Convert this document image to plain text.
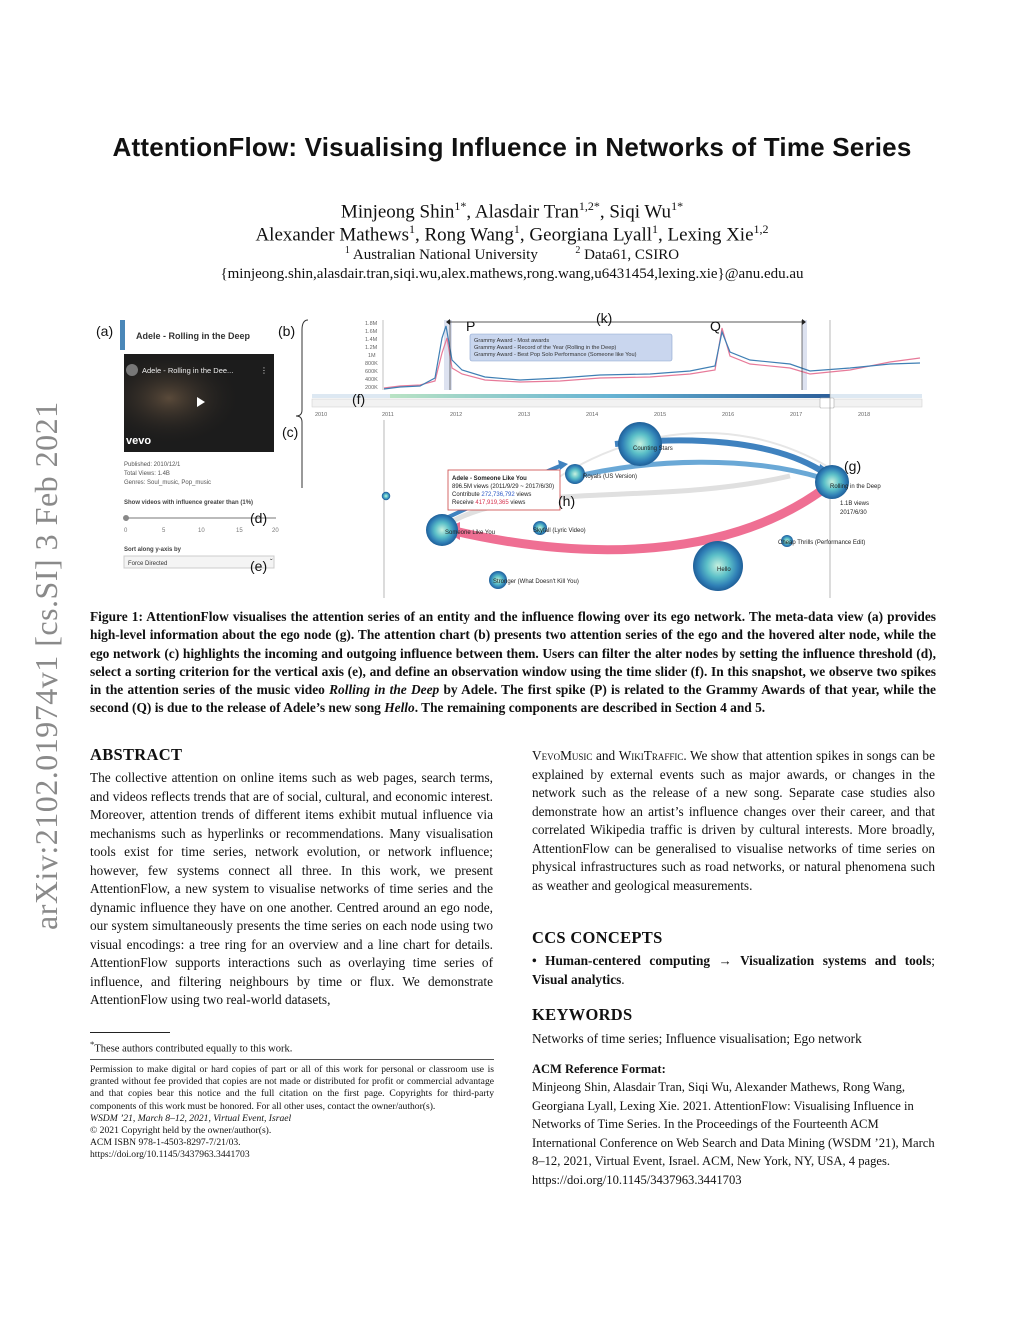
arXiv:2102.01974v1 [cs.SI] 3 Feb 2021
AttentionFlow: Visualising Influence in Networks of Time Series
Minjeong Shin$^{1*}$, Alasdair Tran$^{1,2*}$, Siqi $Wu^{1*}$
Alexander Mathews$^1$, Rong Wang$^1$, Georgiana Lyall$^1$, Lexing Xie$^{1,2}$
$^1$ Australian National University	$^2$ Data61, CSIRO
{minjeong.shin,alasdair.tran,siqi.wu,alex.mathews,rong.wang,u6431454,lexing.xie}@anu.edu.au
Adele - Rolling in the Deep
Adele - Rolling in the Dee...	⋮
vevo
Published: 2010/12/1
Total Views: 1.4B
Genres: Soul_music, Pop_music
Show videos with influence greater than (1%)
0	5	10	15	20
Sort along y-axis by
Force Directed	ˇ
1.8M
1.6M
1.4M
1.2M
1M
800K
600K
400K
200K
Grammy Award - Most awards
Grammy Award - Record of the Year (Rolling in the Deep)
Grammy Award - Best Pop Solo Performance (Someone like You)
2010	2011	2012	2013	2014	2015	2016	2017	2018
Counting Stars
Royals (US Version)
Rolling in the Deep
1.1B views
2017/6/30
Someone Like You	Skyfall (Lyric Video)
Cheap Thrills (Performance Edit)
Hello
Stronger (What Doesn't Kill You)
Adele - Someone Like You
896.5M views (2011/9/29 ~ 2017/6/30)
Contribute 272,736,792 views
Receive 417,919,365 views
(a)	(b)
(c)
(d)
(e)
(f)
(g)
(h)
(k)
P	Q
Figure 1: AttentionFlow visualises the attention series of an entity and the influence flowing over its ego network. The meta-data view (a) provides high-level information about the ego node (g). The attention chart (b) presents two attention series of the ego and the hovered alter node, while the ego network (c) highlights the incoming and outgoing influence between them. Users can filter the alter nodes by setting the influence threshold (d), select a sorting criterion for the vertical axis (e), and define an observation window using the time slider (f). In this snapshot, we observe two spikes in the attention series of the music video Rolling in the Deep by Adele. The first spike (P) is related to the Grammy Awards of that year, while the second (Q) is due to the release of Adele’s new song Hello. The remaining components are described in Section 4 and 5.
ABSTRACT
The collective attention on online items such as web pages, search terms, and videos reflects trends that are of social, cultural, and economic interest. Moreover, attention trends of different items exhibit mutual influence via mechanisms such as hyperlinks or recommendations. Many visualisation tools exist for time series, network evolution, or network influence; however, few systems connect all three. In this work, we present AttentionFlow, a new system to visualise networks of time series and the dynamic influence they have on one another. Centred around an ego node, our system simultaneously presents the time series on each node using two visual encodings: a tree ring for an overview and a line chart for details. AttentionFlow supports interactions such as overlaying time series of influence, and filtering neighbours by time or flux. We demonstrate AttentionFlow using two real-world datasets,
*These authors contributed equally to this work.
Permission to make digital or hard copies of part or all of this work for personal or classroom use is granted without fee provided that copies are not made or distributed for profit or commercial advantage and that copies bear this notice and the full citation on the first page. Copyrights for third-party components of this work must be honored. For all other uses, contact the owner/author(s).
WSDM ’21, March 8–12, 2021, Virtual Event, Israel
© 2021 Copyright held by the owner/author(s).
ACM ISBN 978-1-4503-8297-7/21/03.
https://doi.org/10.1145/3437963.3441703
VevoMusic and WikiTraffic. We show that attention spikes in songs can be explained by external events such as major awards, or changes in the network such as the release of a new song. Separate case studies also demonstrate how an artist’s influence changes over their career, and that correlated Wikipedia traffic is driven by cultural interests. More broadly, AttentionFlow can be generalised to visualise networks of time series on physical infrastructures such as road networks, or natural phenomena such as weather and geological measurements.
CCS CONCEPTS
• Human-centered computing → Visualization systems and tools; Visual analytics.
KEYWORDS
Networks of time series; Influence visualisation; Ego network
ACM Reference Format:
Minjeong Shin, Alasdair Tran, Siqi Wu, Alexander Mathews, Rong Wang, Georgiana Lyall, Lexing Xie. 2021. AttentionFlow: Visualising Influence in Networks of Time Series. In the Proceedings of the Fourteenth ACM International Conference on Web Search and Data Mining (WSDM ’21), March 8–12, 2021, Virtual Event, Israel. ACM, New York, NY, USA, 4 pages. https://doi.org/10.1145/3437963.3441703
